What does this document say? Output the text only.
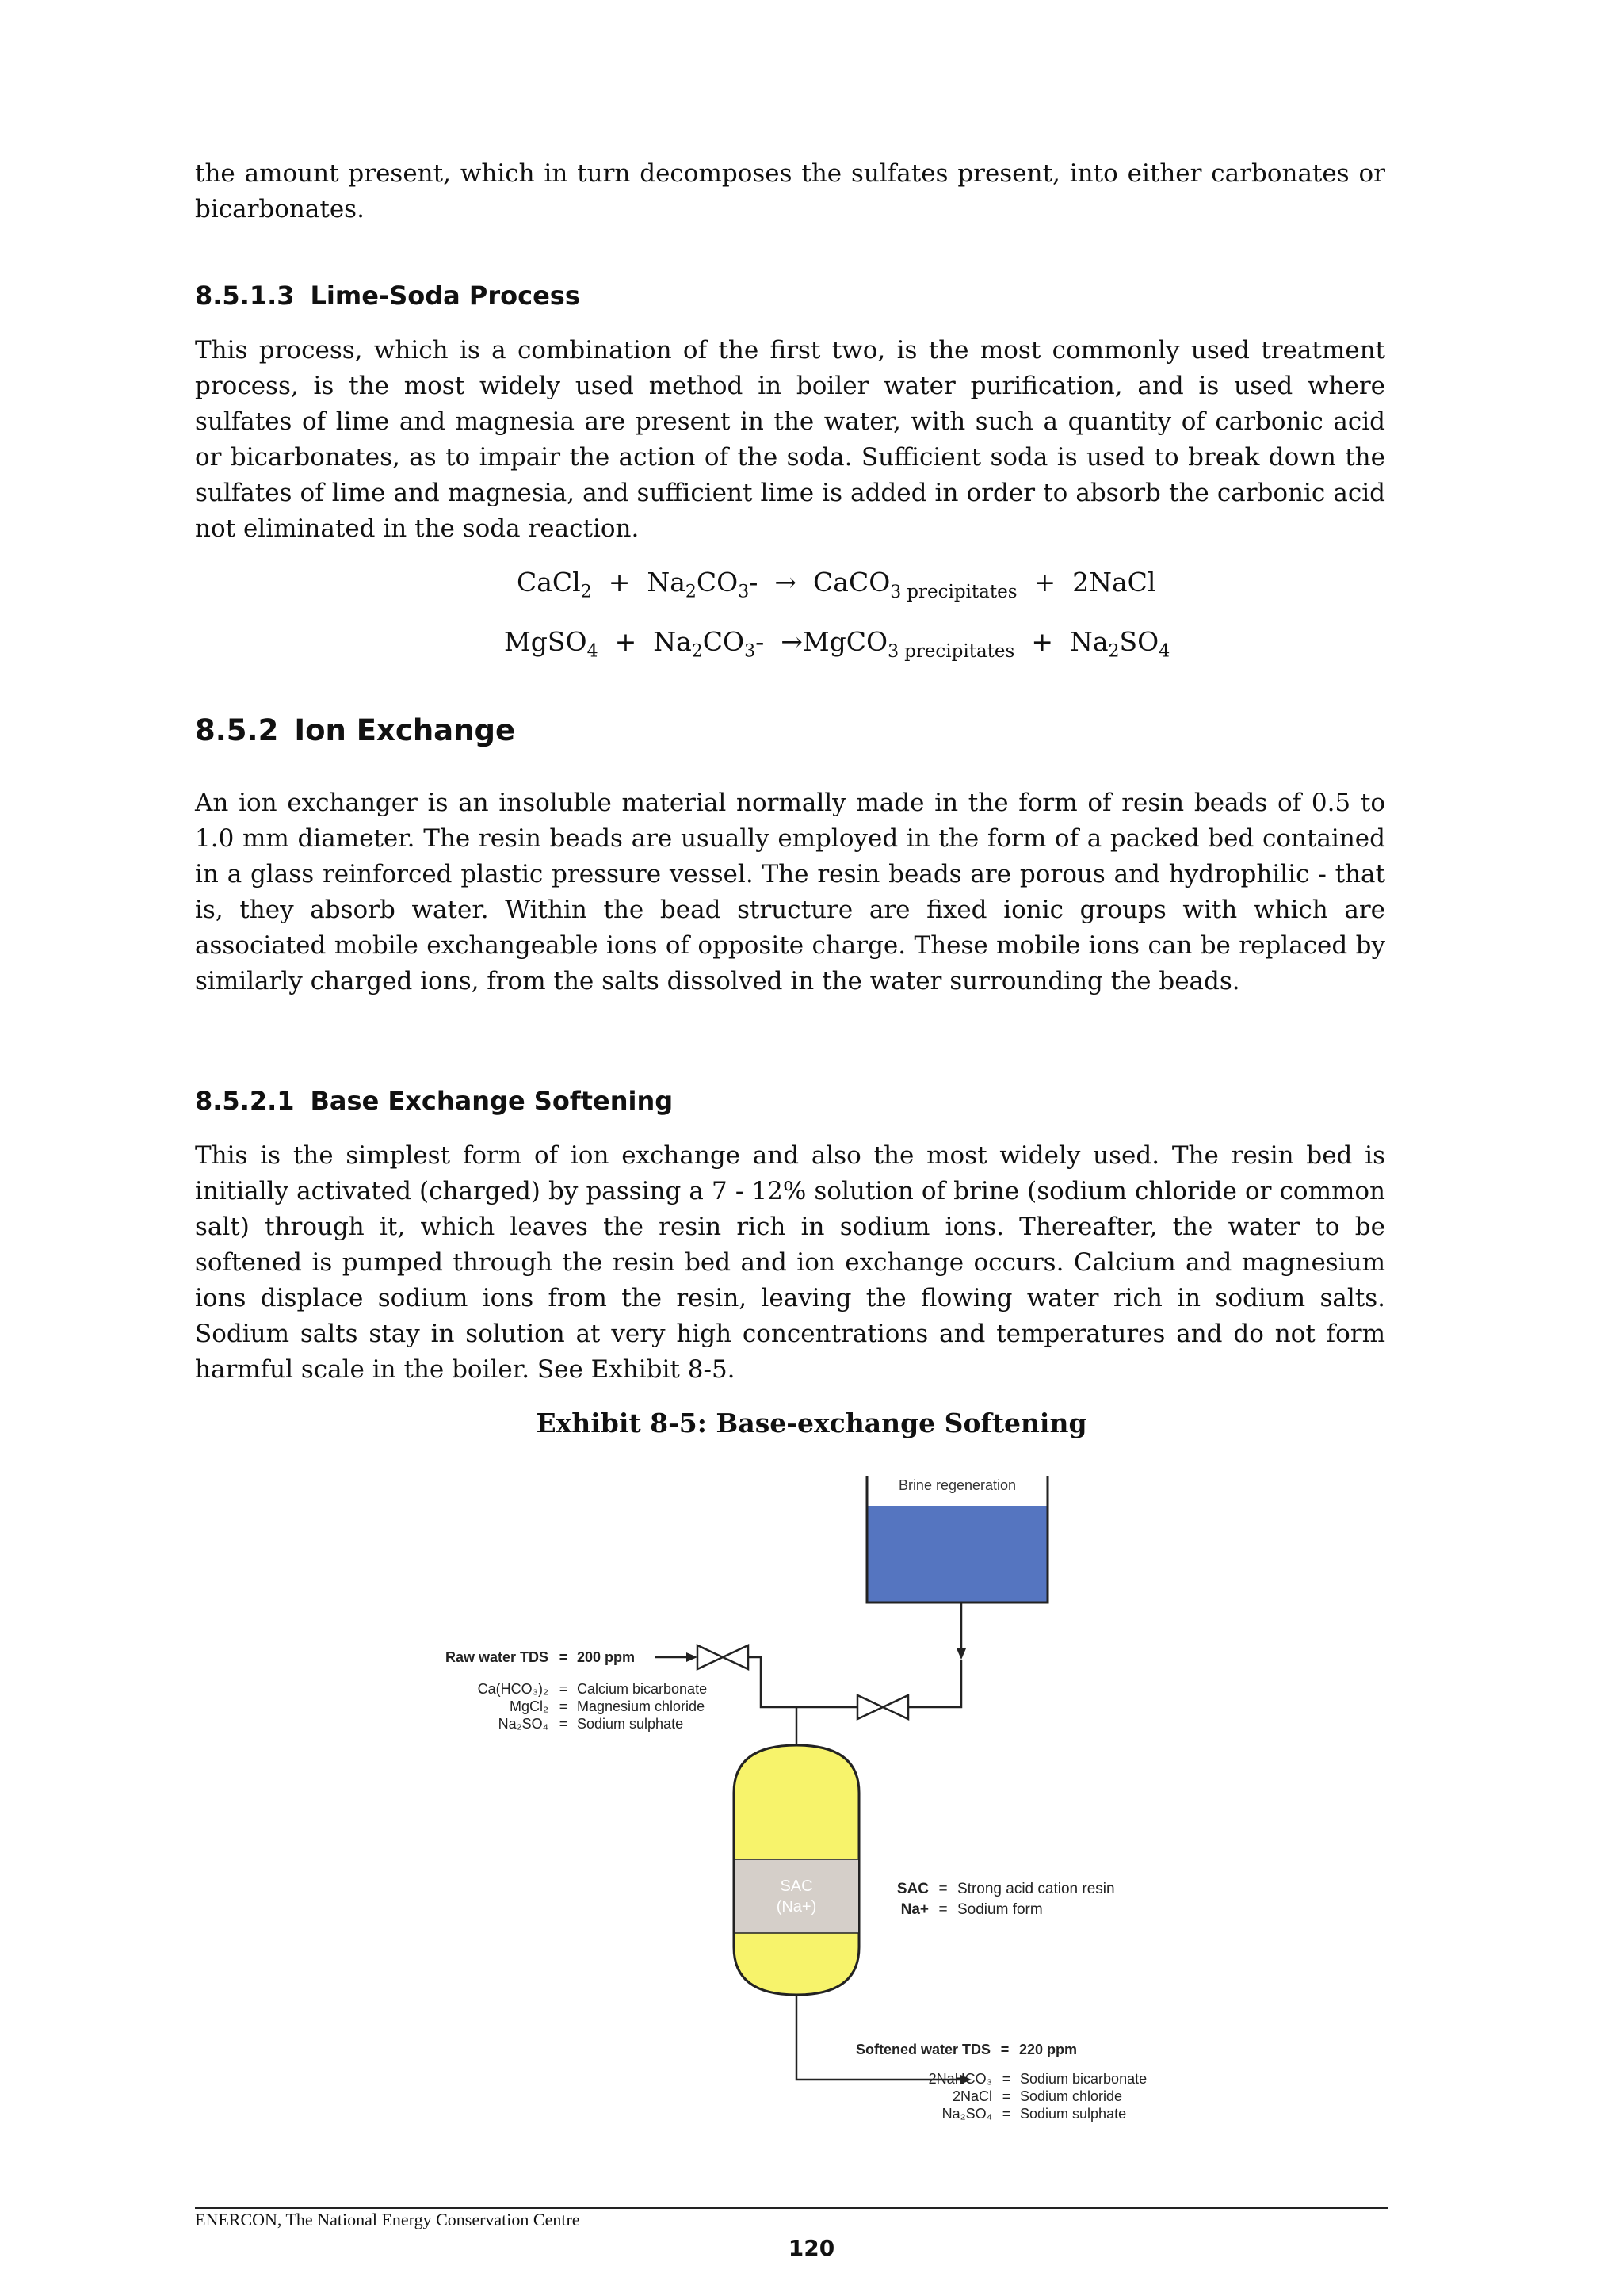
the amount present, which in turn decomposes the sulfates present, into either carbonates or bicarbonates.

8.5.1.3 Lime-Soda Process

This process, which is a combination of the first two, is the most commonly used treatment process, is the most widely used method in boiler water purification, and is used where sulfates of lime and magnesia are present in the water, with such a quantity of carbonic acid or bicarbonates, as to impair the action of the soda. Sufficient soda is used to break down the sulfates of lime and magnesia, and sufficient lime is added in order to absorb the carbonic acid not eliminated in the soda reaction.

CaCl$_2$ + $Na_2CO_3-$ → CaCO$_{3 precipitates}$ + 2NaCl
MgSO$_4$ + $Na_2CO_3-$ →MgCO$_{3 precipitates}$ + $Na_2SO_4$
8.5.2 Ion Exchange

An ion exchanger is an insoluble material normally made in the form of resin beads of 0.5 to 1.0 mm diameter. The resin beads are usually employed in the form of a packed bed contained in a glass reinforced plastic pressure vessel. The resin beads are porous and hydrophilic - that is, they absorb water. Within the bead structure are fixed ionic groups with which are associated mobile exchangeable ions of opposite charge. These mobile ions can be replaced by similarly charged ions, from the salts dissolved in the water surrounding the beads.

8.5.2.1 Base Exchange Softening

This is the simplest form of ion exchange and also the most widely used. The resin bed is initially activated (charged) by passing a 7 - 12% solution of brine (sodium chloride or common salt) through it, which leaves the resin rich in sodium ions. Thereafter, the water to be softened is pumped through the resin bed and ion exchange occurs. Calcium and magnesium ions displace sodium ions from the resin, leaving the flowing water rich in sodium salts. Sodium salts stay in solution at very high concentrations and temperatures and do not form harmful scale in the boiler. See Exhibit 8-5.

Exhibit 8-5: Base-exchange Softening
Brine regeneration
Raw water TDS = 200 ppm
Ca(HCO₃)₂ = Calcium bicarbonate
MgCl₂ = Magnesium chloride
Na₂SO₄ = Sodium sulphate
SAC
(Na+)
SAC = Strong acid cation resin
Na+ = Sodium form
Softened water TDS = 220 ppm
2NaHCO₃ = Sodium bicarbonate
2NaCl = Sodium chloride
Na₂SO₄ = Sodium sulphate
ENERCON, The National Energy Conservation Centre
120
